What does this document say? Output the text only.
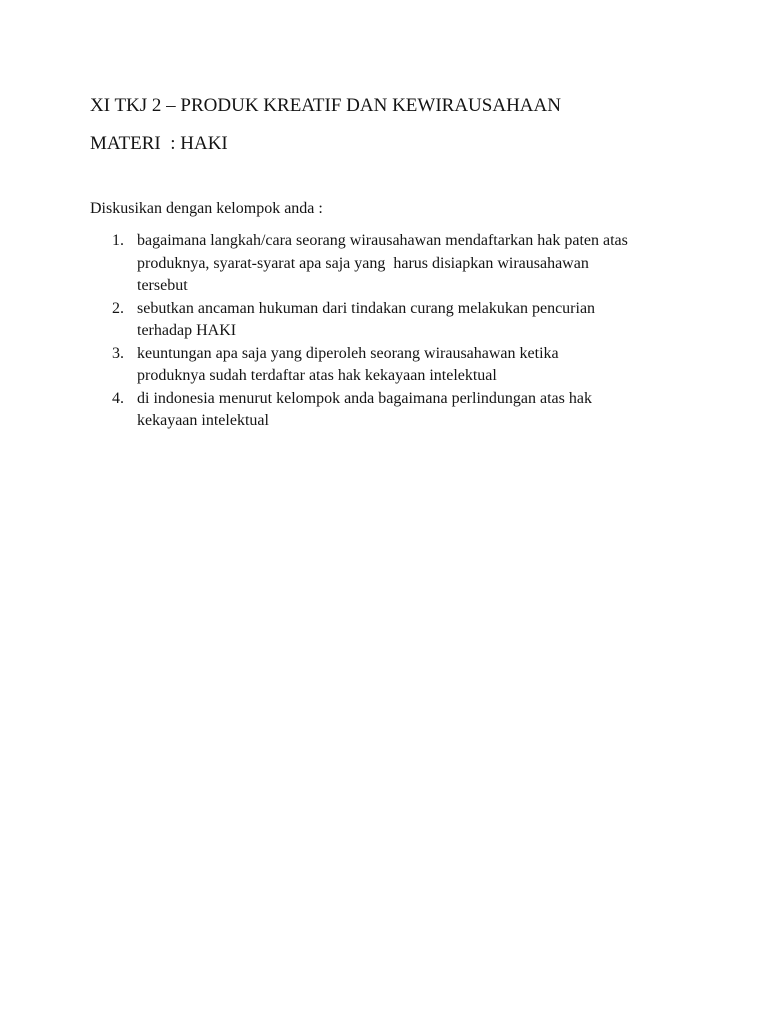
XI TKJ 2 – PRODUK KREATIF DAN KEWIRAUSAHAAN
MATERI  : HAKI

Diskusikan dengan kelompok anda :

1. bagaimana langkah/cara seorang wirausahawan mendaftarkan hak paten atas
produknya, syarat-syarat apa saja yang  harus disiapkan wirausahawan
tersebut
2. sebutkan ancaman hukuman dari tindakan curang melakukan pencurian
terhadap HAKI
3. keuntungan apa saja yang diperoleh seorang wirausahawan ketika
produknya sudah terdaftar atas hak kekayaan intelektual
4. di indonesia menurut kelompok anda bagaimana perlindungan atas hak
kekayaan intelektual
